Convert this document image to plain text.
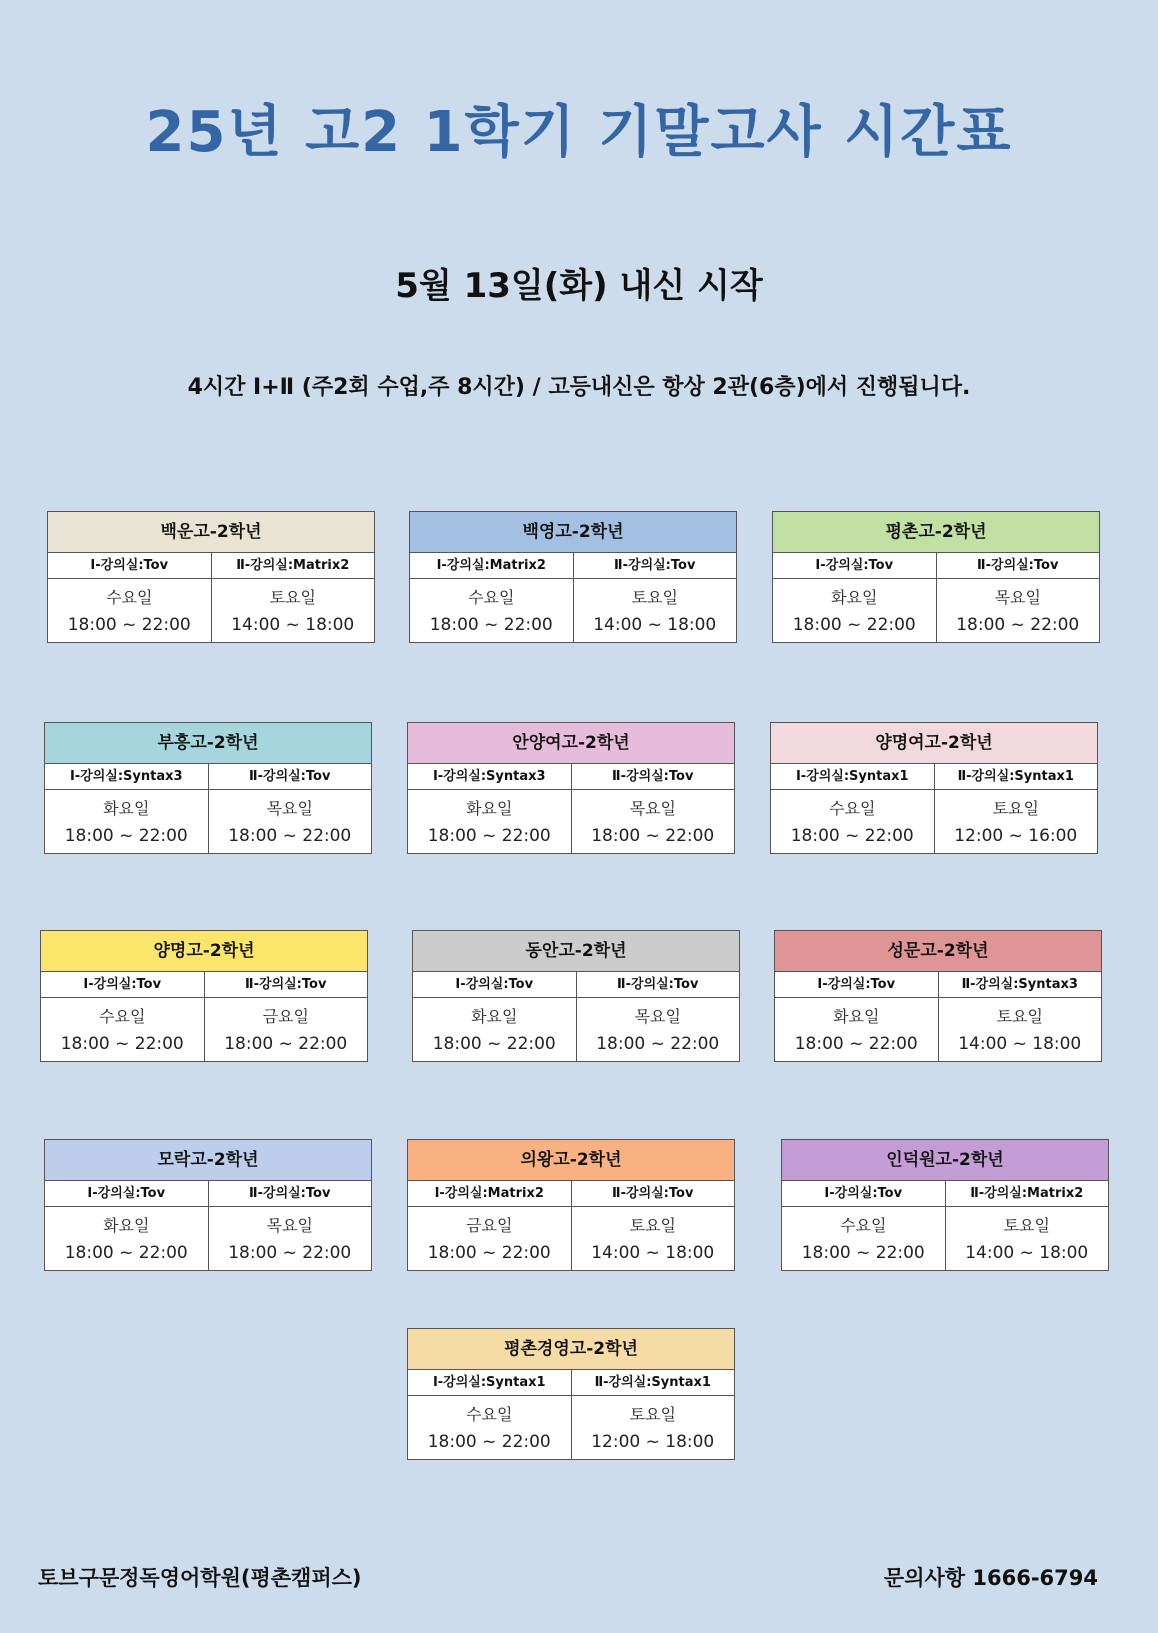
25년 고2 1학기 기말고사 시간표
5월 13일(화) 내신 시작
4시간 Ⅰ+Ⅱ (주2회 수업,주 8시간) / 고등내신은 항상 2관(6층)에서 진행됩니다.
백운고-2학년
Ⅰ-강의실:Tov	Ⅱ-강의실:Matrix2
수요일
18:00 ~ 22:00
토요일
14:00 ~ 18:00
백영고-2학년
Ⅰ-강의실:Matrix2	Ⅱ-강의실:Tov
수요일
18:00 ~ 22:00
토요일
14:00 ~ 18:00
평촌고-2학년
Ⅰ-강의실:Tov	Ⅱ-강의실:Tov
화요일
18:00 ~ 22:00
목요일
18:00 ~ 22:00
부흥고-2학년
Ⅰ-강의실:Syntax3	Ⅱ-강의실:Tov
화요일
18:00 ~ 22:00
목요일
18:00 ~ 22:00
안양여고-2학년
Ⅰ-강의실:Syntax3	Ⅱ-강의실:Tov
화요일
18:00 ~ 22:00
목요일
18:00 ~ 22:00
양명여고-2학년
Ⅰ-강의실:Syntax1	Ⅱ-강의실:Syntax1
수요일
18:00 ~ 22:00
토요일
12:00 ~ 16:00
양명고-2학년
Ⅰ-강의실:Tov	Ⅱ-강의실:Tov
수요일
18:00 ~ 22:00
금요일
18:00 ~ 22:00
동안고-2학년
Ⅰ-강의실:Tov	Ⅱ-강의실:Tov
화요일
18:00 ~ 22:00
목요일
18:00 ~ 22:00
성문고-2학년
Ⅰ-강의실:Tov	Ⅱ-강의실:Syntax3
화요일
18:00 ~ 22:00
토요일
14:00 ~ 18:00
모락고-2학년
Ⅰ-강의실:Tov	Ⅱ-강의실:Tov
화요일
18:00 ~ 22:00
목요일
18:00 ~ 22:00
의왕고-2학년
Ⅰ-강의실:Matrix2	Ⅱ-강의실:Tov
금요일
18:00 ~ 22:00
토요일
14:00 ~ 18:00
인덕원고-2학년
Ⅰ-강의실:Tov	Ⅱ-강의실:Matrix2
수요일
18:00 ~ 22:00
토요일
14:00 ~ 18:00
평촌경영고-2학년
Ⅰ-강의실:Syntax1	Ⅱ-강의실:Syntax1
수요일
18:00 ~ 22:00
토요일
12:00 ~ 18:00
토브구문정독영어학원(평촌캠퍼스)	문의사항 1666-6794
